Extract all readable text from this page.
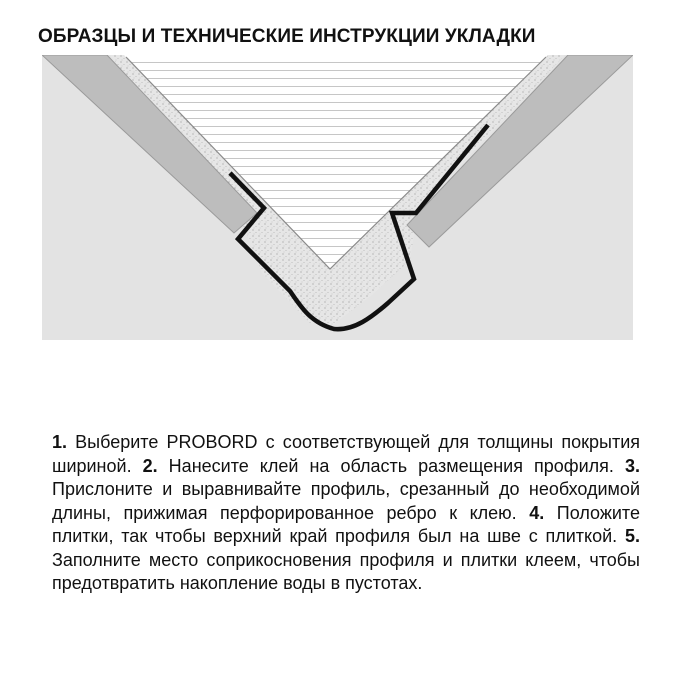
ОБРАЗЦЫ И ТЕХНИЧЕСКИЕ ИНСТРУКЦИИ УКЛАДКИ
1. Выберите PROBORD с соответствующей для толщины покрытия шириной. 2. Нанесите клей на область размещения профиля. 3. Прислоните и выравнивайте профиль, срезанный до необходимой длины, прижимая перфорированное ребро к клею. 4. Положите плитки, так чтобы верхний край профиля был на шве с плиткой. 5. Заполните место соприкосновения профиля и плитки клеем, чтобы предотвратить накопление воды в пустотах.
